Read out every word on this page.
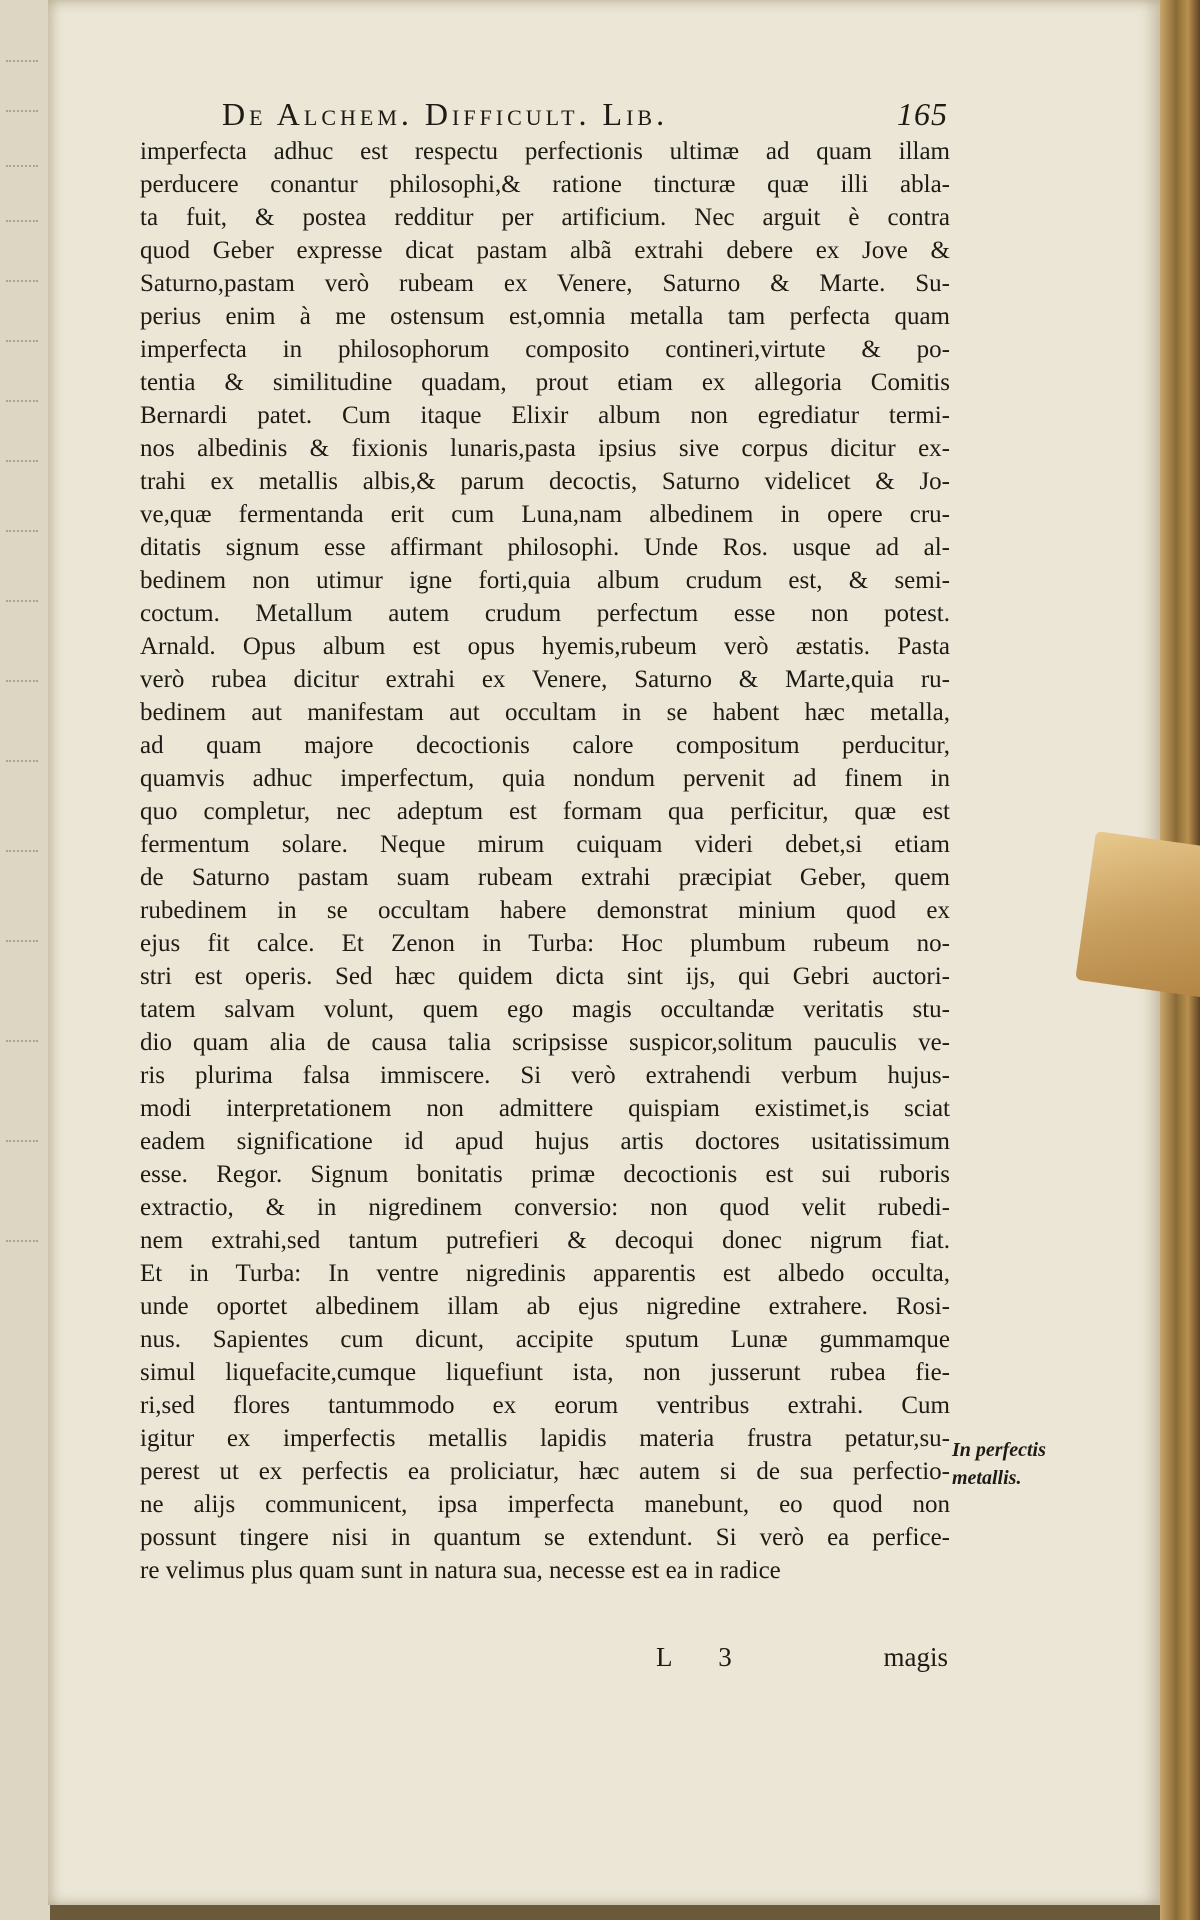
De Alchem. Difficult. Lib.	165
imperfecta adhuc est respectu perfectionis ultimæ ad quam illam
perducere conantur philosophi,& ratione tincturæ quæ illi abla-
ta fuit, & postea redditur per artificium. Nec arguit è contra
quod Geber expresse dicat pastam albã extrahi debere ex Jove &
Saturno,pastam verò rubeam ex Venere, Saturno & Marte. Su-
perius enim à me ostensum est,omnia metalla tam perfecta quam
imperfecta in philosophorum composito contineri,virtute & po-
tentia & similitudine quadam, prout etiam ex allegoria Comitis
Bernardi patet. Cum itaque Elixir album non egrediatur termi-
nos albedinis & fixionis lunaris,pasta ipsius sive corpus dicitur ex-
trahi ex metallis albis,& parum decoctis, Saturno videlicet & Jo-
ve,quæ fermentanda erit cum Luna,nam albedinem in opere cru-
ditatis signum esse affirmant philosophi. Unde Ros. usque ad al-
bedinem non utimur igne forti,quia album crudum est, & semi-
coctum. Metallum autem crudum perfectum esse non potest.
Arnald. Opus album est opus hyemis,rubeum verò æstatis. Pasta
verò rubea dicitur extrahi ex Venere, Saturno & Marte,quia ru-
bedinem aut manifestam aut occultam in se habent hæc metalla,
ad quam majore decoctionis calore compositum perducitur,
quamvis adhuc imperfectum, quia nondum pervenit ad finem in
quo completur, nec adeptum est formam qua perficitur, quæ est
fermentum solare. Neque mirum cuiquam videri debet,si etiam
de Saturno pastam suam rubeam extrahi præcipiat Geber, quem
rubedinem in se occultam habere demonstrat minium quod ex
ejus fit calce. Et Zenon in Turba: Hoc plumbum rubeum no-
stri est operis. Sed hæc quidem dicta sint ijs, qui Gebri auctori-
tatem salvam volunt, quem ego magis occultandæ veritatis stu-
dio quam alia de causa talia scripsisse suspicor,solitum pauculis ve-
ris plurima falsa immiscere. Si verò extrahendi verbum hujus-
modi interpretationem non admittere quispiam existimet,is sciat
eadem significatione id apud hujus artis doctores usitatissimum
esse. Regor. Signum bonitatis primæ decoctionis est sui ruboris
extractio, & in nigredinem conversio: non quod velit rubedi-
nem extrahi,sed tantum putrefieri & decoqui donec nigrum fiat.
Et in Turba: In ventre nigredinis apparentis est albedo occulta,
unde oportet albedinem illam ab ejus nigredine extrahere. Rosi-
nus. Sapientes cum dicunt, accipite sputum Lunæ gummamque
simul liquefacite,cumque liquefiunt ista, non jusserunt rubea fie-
ri,sed flores tantummodo ex eorum ventribus extrahi. Cum
igitur ex imperfectis metallis lapidis materia frustra petatur,su-
perest ut ex perfectis ea proliciatur, hæc autem si de sua perfectio-
ne alijs communicent, ipsa imperfecta manebunt, eo quod non
possunt tingere nisi in quantum se extendunt. Si verò ea perfice-
re velimus plus quam sunt in natura sua, necesse est ea in radice
In perfectis
metallis.
L 3	magis
